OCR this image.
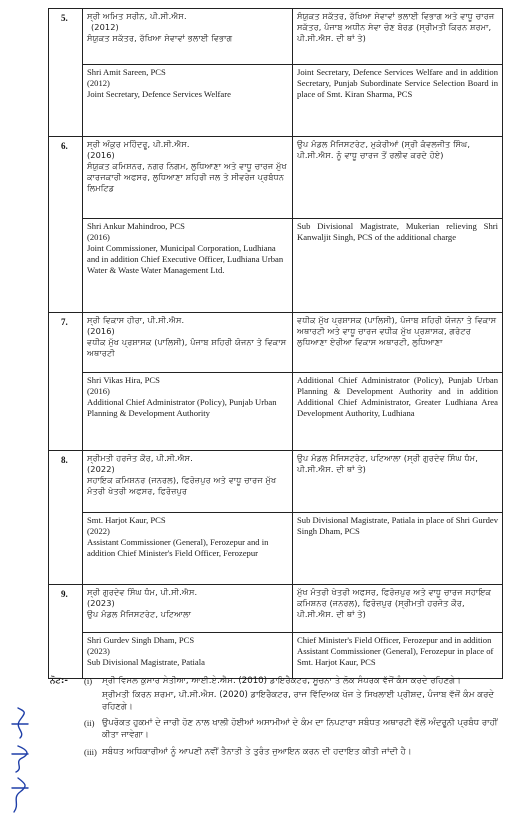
5.	ਸ੍ਰੀ ਅਮਿਤ ਸਰੀਨ, ਪੀ.ਸੀ.ਐਸ.
(2012)
ਸੰਯੁਕਤ ਸਕੱਤਰ, ਰੱਖਿਆ ਸੇਵਾਵਾਂ ਭਲਾਈ ਵਿਭਾਗ	ਸੰਯੁਕਤ ਸਕੱਤਰ, ਰੱਖਿਆ ਸੇਵਾਵਾਂ ਭਲਾਈ ਵਿਭਾਗ ਅਤੇ ਵਾਧੂ ਚਾਰਜ ਸਕੱਤਰ, ਪੰਜਾਬ ਅਧੀਨ ਸੇਵਾ ਚੋਣ ਬੋਰਡ (ਸ੍ਰੀਮਤੀ ਕਿਰਨ ਸ਼ਰਮਾ, ਪੀ.ਸੀ.ਐਸ. ਦੀ ਥਾਂ ਤੇ)

	Shri Amit Sareen, PCS
(2012)
Joint Secretary, Defence Services Welfare	Joint Secretary, Defence Services Welfare and in addition Secretary, Punjab Subordinate Service Selection Board in place of Smt. Kiran Sharma, PCS

6.	ਸ੍ਰੀ ਅੰਕੁਰ ਮਹਿੰਦਰੂ, ਪੀ.ਸੀ.ਐਸ.
(2016)
ਸੰਯੁਕਤ ਕਮਿਸ਼ਨਰ, ਨਗਰ ਨਿਗਮ, ਲੁਧਿਆਣਾ ਅਤੇ ਵਾਧੂ ਚਾਰਜ ਮੁੱਖ ਕਾਰਜਕਾਰੀ ਅਫਸਰ, ਲੁਧਿਆਣਾ ਸ਼ਹਿਰੀ ਜਲ ਤੇ ਸੀਵਰੇਜ ਪ੍ਰਬੰਧਨ ਲਿਮਟਿਡ	ਉਪ ਮੰਡਲ ਮੈਜਿਸਟਰੇਟ, ਮੁਕੇਰੀਆਂ (ਸ੍ਰੀ ਕੰਵਲਜੀਤ ਸਿੰਘ, ਪੀ.ਸੀ.ਐਸ. ਨੂੰ ਵਾਧੂ ਚਾਰਜ ਤੋਂ ਰਲੀਵ ਕਰਦੇ ਹੋਏ)

	Shri Ankur Mahindroo, PCS
(2016)
Joint Commissioner, Municipal Corporation, Ludhiana and in addition Chief Executive Officer, Ludhiana Urban Water & Waste Water Management Ltd.	Sub Divisional Magistrate, Mukerian relieving Shri Kanwaljit Singh, PCS of the additional charge

7.	ਸ੍ਰੀ ਵਿਕਾਸ ਹੀਰਾ, ਪੀ.ਸੀ.ਐਸ.
(2016)
ਵਧੀਕ ਮੁੱਖ ਪ੍ਰਸ਼ਾਸਕ (ਪਾਲਿਸੀ), ਪੰਜਾਬ ਸ਼ਹਿਰੀ ਯੋਜਨਾ ਤੇ ਵਿਕਾਸ ਅਥਾਰਟੀ	ਵਧੀਕ ਮੁੱਖ ਪ੍ਰਸ਼ਾਸਕ (ਪਾਲਿਸੀ), ਪੰਜਾਬ ਸ਼ਹਿਰੀ ਯੋਜਨਾ ਤੇ ਵਿਕਾਸ ਅਥਾਰਟੀ ਅਤੇ ਵਾਧੂ ਚਾਰਜ ਵਧੀਕ ਮੁੱਖ ਪ੍ਰਸ਼ਾਸਕ, ਗਰੇਟਰ ਲੁਧਿਆਣਾ ਏਰੀਆ ਵਿਕਾਸ ਅਥਾਰਟੀ, ਲੁਧਿਆਣਾ

	Shri Vikas Hira, PCS
(2016)
Additional Chief Administrator (Policy), Punjab Urban Planning & Development Authority	Additional Chief Administrator (Policy), Punjab Urban Planning & Development Authority and in addition Additional Chief Administrator, Greater Ludhiana Area Development Authority, Ludhiana

8.	ਸ੍ਰੀਮਤੀ ਹਰਜੋਤ ਕੌਰ, ਪੀ.ਸੀ.ਐਸ.
(2022)
ਸਹਾਇਕ ਕਮਿਸ਼ਨਰ (ਜਨਰਲ), ਫਿਰੋਜ਼ਪੁਰ ਅਤੇ ਵਾਧੂ ਚਾਰਜ ਮੁੱਖ ਮੰਤਰੀ ਖੇਤਰੀ ਅਫਸਰ, ਫਿਰੋਜ਼ਪੁਰ	ਉਪ ਮੰਡਲ ਮੈਜਿਸਟਰੇਟ, ਪਟਿਆਲਾ (ਸ੍ਰੀ ਗੁਰਦੇਵ ਸਿੰਘ ਧੰਮ, ਪੀ.ਸੀ.ਐਸ. ਦੀ ਥਾਂ ਤੇ)

	Smt. Harjot Kaur, PCS
(2022)
Assistant Commissioner (General), Ferozepur and in addition Chief Minister's Field Officer, Ferozepur	Sub Divisional Magistrate, Patiala in place of Shri Gurdev Singh Dham, PCS

9.	ਸ੍ਰੀ ਗੁਰਦੇਵ ਸਿੰਘ ਧੰਮ, ਪੀ.ਸੀ.ਐਸ.
(2023)
ਉਪ ਮੰਡਲ ਮੈਜਿਸਟਰੇਟ, ਪਟਿਆਲਾ	ਮੁੱਖ ਮੰਤਰੀ ਖੇਤਰੀ ਅਫਸਰ, ਫਿਰੋਜ਼ਪੁਰ ਅਤੇ ਵਾਧੂ ਚਾਰਜ ਸਹਾਇਕ ਕਮਿਸ਼ਨਰ (ਜਨਰਲ), ਫਿਰੋਜ਼ਪੁਰ (ਸ੍ਰੀਮਤੀ ਹਰਜੋਤ ਕੌਰ, ਪੀ.ਸੀ.ਐਸ. ਦੀ ਥਾਂ ਤੇ)

	Shri Gurdev Singh Dham, PCS
(2023)
Sub Divisional Magistrate, Patiala	Chief Minister's Field Officer, Ferozepur and in addition Assistant Commissioner (General), Ferozepur in place of Smt. Harjot Kaur, PCS
ਨੋਟ:- (i) ਸ੍ਰੀ ਵਿਮਲ ਕੁਮਾਰ ਸੇਤੀਆ, ਆਈ.ਏ.ਐਸ. (2010) ਡਾਇਰੈਕਟਰ, ਸੂਚਨਾ ਤੇ ਲੋਕ ਸੰਪਰਕ ਵੱਜੋਂ ਕੰਮ ਕਰਦੇ ਰਹਿਣਗੇ।
ਸ਼੍ਰੀਮਤੀ ਕਿਰਨ ਸ਼ਰਮਾ, ਪੀ.ਸੀ.ਐਸ. (2020) ਡਾਇਰੈਕਟਰ, ਰਾਜ ਵਿੱਦਿਅਕ ਖੋਜ ਤੇ ਸਿਖਲਾਈ ਪ੍ਰੀਸ਼ਦ, ਪੰਜਾਬ ਵੱਜੋਂ ਕੰਮ ਕਰਦੇ ਰਹਿਣਗੇ।
(ii) ਉਪਰੋਕਤ ਹੁਕਮਾਂ ਦੇ ਜਾਰੀ ਹੋਣ ਨਾਲ ਖਾਲੀ ਹੋਈਆਂ ਅਸਾਮੀਆਂ ਦੇ ਕੰਮ ਦਾ ਨਿਪਟਾਰਾ ਸਬੰਧਤ ਅਥਾਰਟੀ ਵੱਲੋਂ ਅੰਦਰੂਨੀ ਪ੍ਰਬੰਧ ਰਾਹੀਂ ਕੀਤਾ ਜਾਵੇਗਾ।
(iii) ਸਬੰਧਤ ਅਧਿਕਾਰੀਆਂ ਨੂੰ ਆਪਣੀ ਨਵੀਂ ਤੈਨਾਤੀ ਤੇ ਤੁਰੰਤ ਜੁਆਇਨ ਕਰਨ ਦੀ ਹਦਾਇਤ ਕੀਤੀ ਜਾਂਦੀ ਹੈ।
